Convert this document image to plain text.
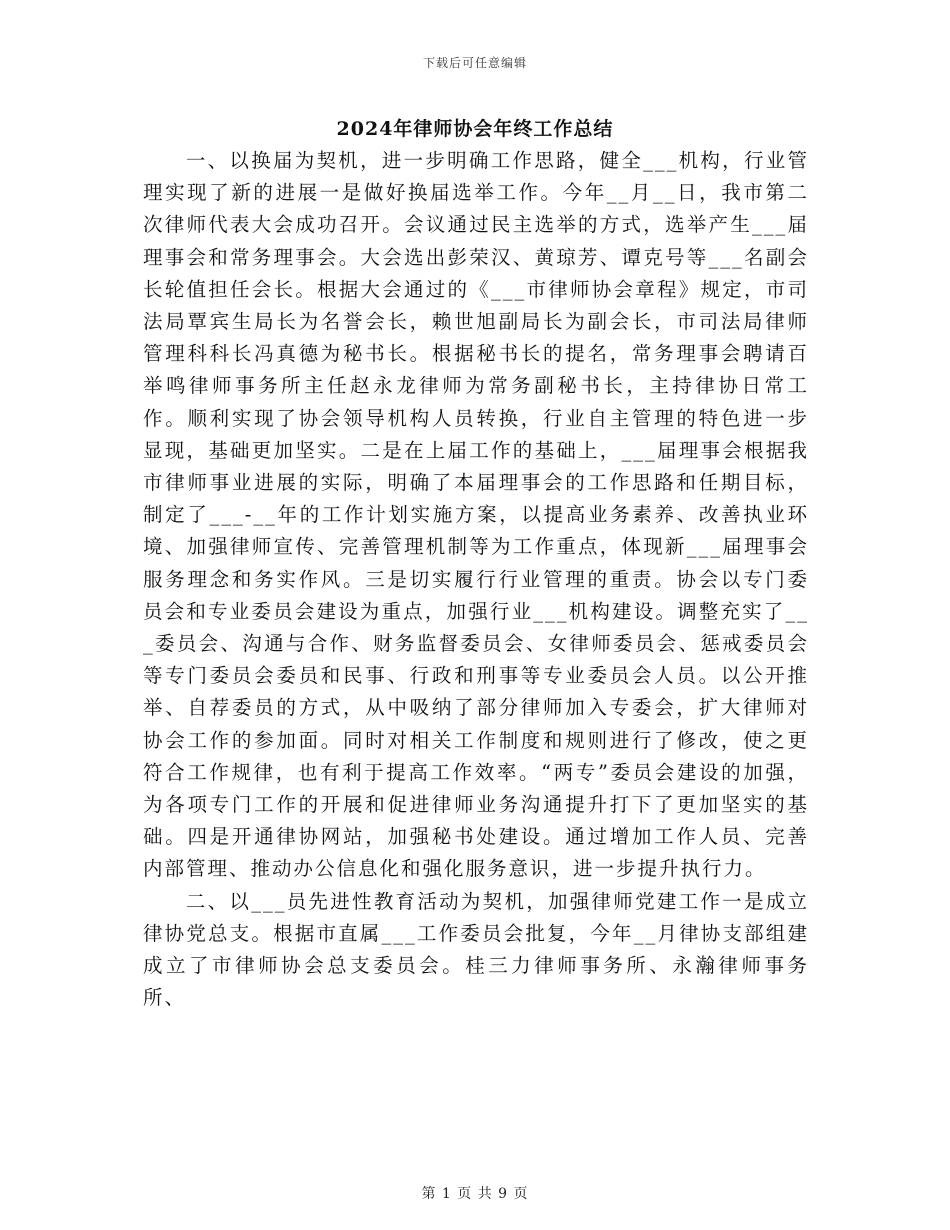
下载后可任意编辑
2024年律师协会年终工作总结

一、以换届为契机，进一步明确工作思路，健全___机构，行业管理实现了新的进展一是做好换届选举工作。今年__月__日，我市第二次律师代表大会成功召开。会议通过民主选举的方式，选举产生___届理事会和常务理事会。大会选出彭荣汉、黄琼芳、谭克号等___名副会长轮值担任会长。根据大会通过的《___市律师协会章程》规定，市司法局覃宾生局长为名誉会长，赖世旭副局长为副会长，市司法局律师管理科科长冯真德为秘书长。根据秘书长的提名，常务理事会聘请百举鸣律师事务所主任赵永龙律师为常务副秘书长，主持律协日常工作。顺利实现了协会领导机构人员转换，行业自主管理的特色进一步显现，基础更加坚实。二是在上届工作的基础上，___届理事会根据我市律师事业进展的实际，明确了本届理事会的工作思路和任期目标，制定了___-__年的工作计划实施方案，以提高业务素养、改善执业环境、加强律师宣传、完善管理机制等为工作重点，体现新___届理事会服务理念和务实作风。三是切实履行行业管理的重责。协会以专门委员会和专业委员会建设为重点，加强行业___机构建设。调整充实了___委员会、沟通与合作、财务监督委员会、女律师委员会、惩戒委员会等专门委员会委员和民事、行政和刑事等专业委员会人员。以公开推举、自荐委员的方式，从中吸纳了部分律师加入专委会，扩大律师对协会工作的参加面。同时对相关工作制度和规则进行了修改，使之更符合工作规律，也有利于提高工作效率。“两专”委员会建设的加强，为各项专门工作的开展和促进律师业务沟通提升打下了更加坚实的基础。四是开通律协网站，加强秘书处建设。通过增加工作人员、完善内部管理、推动办公信息化和强化服务意识，进一步提升执行力。

二、以___员先进性教育活动为契机，加强律师党建工作一是成立律协党总支。根据市直属___工作委员会批复，今年__月律协支部组建成立了市律师协会总支委员会。桂三力律师事务所、永瀚律师事务所、

第 1 页 共 9 页
